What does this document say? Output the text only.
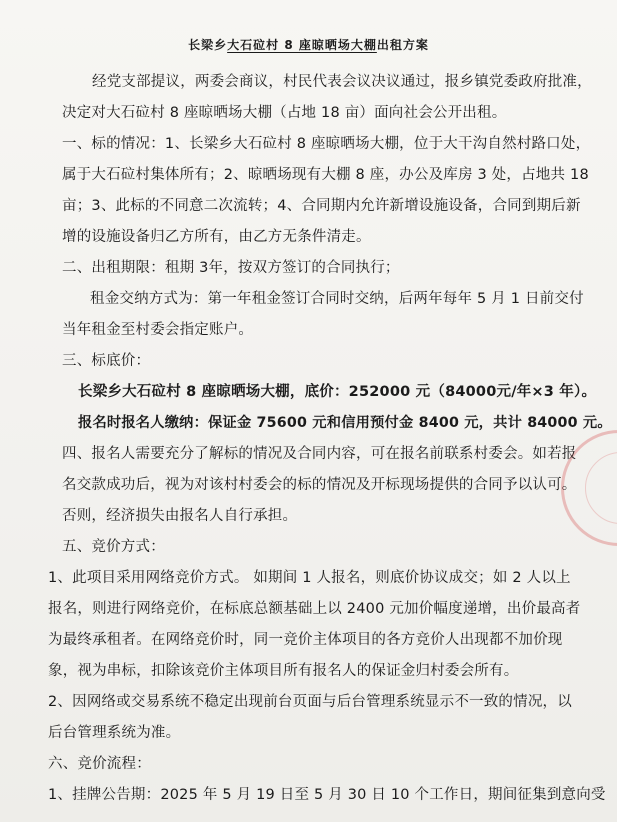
长梁乡大石砬村 8 座晾晒场大棚出租方案
经党支部提议，两委会商议，村民代表会议决议通过，报乡镇党委政府批准，
决定对大石砬村 8 座晾晒场大棚（占地 18 亩）面向社会公开出租。
一、标的情况：1、长梁乡大石砬村 8 座晾晒场大棚，位于大干沟自然村路口处，
属于大石砬村集体所有；2、晾晒场现有大棚 8 座，办公及库房 3 处，占地共 18
亩；3、此标的不同意二次流转；4、合同期内允许新增设施设备，合同到期后新
增的设施设备归乙方所有，由乙方无条件清走。
二、出租期限：租期 3年，按双方签订的合同执行；
租金交纳方式为：第一年租金签订合同时交纳，后两年每年 5 月 1 日前交付
当年租金至村委会指定账户。
三、标底价：
长梁乡大石砬村 8 座晾晒场大棚，底价：252000 元（84000元/年×3 年）。
报名时报名人缴纳：保证金 75600 元和信用预付金 8400 元，共计 84000 元。
四、报名人需要充分了解标的情况及合同内容，可在报名前联系村委会。如若报
名交款成功后，视为对该村村委会的标的情况及开标现场提供的合同予以认可。
否则，经济损失由报名人自行承担。
五、竞价方式：
1、此项目采用网络竞价方式。 如期间 1 人报名，则底价协议成交；如 2 人以上
报名，则进行网络竞价，在标底总额基础上以 2400 元加价幅度递增，出价最高者
为最终承租者。在网络竞价时，同一竞价主体项目的各方竞价人出现都不加价现
象，视为串标，扣除该竞价主体项目所有报名人的保证金归村委会所有。
2、因网络或交易系统不稳定出现前台页面与后台管理系统显示不一致的情况，以
后台管理系统为准。
六、竞价流程：
1、挂牌公告期：2025 年 5 月 19 日至 5 月 30 日 10 个工作日，期间征集到意向受
